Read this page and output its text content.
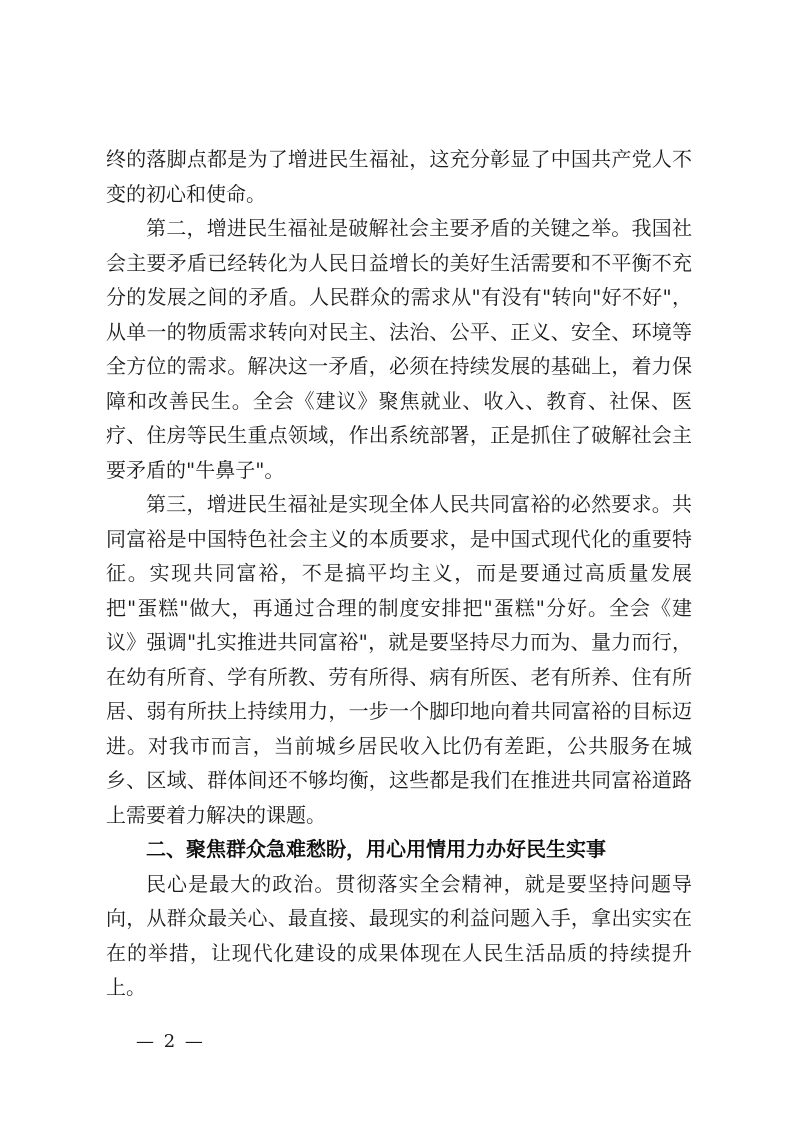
终的落脚点都是为了增进民生福祉，这充分彰显了中国共产党人不变的初心和使命。

第二，增进民生福祉是破解社会主要矛盾的关键之举。我国社会主要矛盾已经转化为人民日益增长的美好生活需要和不平衡不充分的发展之间的矛盾。人民群众的需求从"有没有"转向"好不好"，从单一的物质需求转向对民主、法治、公平、正义、安全、环境等全方位的需求。解决这一矛盾，必须在持续发展的基础上，着力保障和改善民生。全会《建议》聚焦就业、收入、教育、社保、医疗、住房等民生重点领域，作出系统部署，正是抓住了破解社会主要矛盾的"牛鼻子"。

第三，增进民生福祉是实现全体人民共同富裕的必然要求。共同富裕是中国特色社会主义的本质要求，是中国式现代化的重要特征。实现共同富裕，不是搞平均主义，而是要通过高质量发展把"蛋糕"做大，再通过合理的制度安排把"蛋糕"分好。全会《建议》强调"扎实推进共同富裕"，就是要坚持尽力而为、量力而行，在幼有所育、学有所教、劳有所得、病有所医、老有所养、住有所居、弱有所扶上持续用力，一步一个脚印地向着共同富裕的目标迈进。对我市而言，当前城乡居民收入比仍有差距，公共服务在城乡、区域、群体间还不够均衡，这些都是我们在推进共同富裕道路上需要着力解决的课题。

二、聚焦群众急难愁盼，用心用情用力办好民生实事

民心是最大的政治。贯彻落实全会精神，就是要坚持问题导向，从群众最关心、最直接、最现实的利益问题入手，拿出实实在在的举措，让现代化建设的成果体现在人民生活品质的持续提升上。

— 2 —
